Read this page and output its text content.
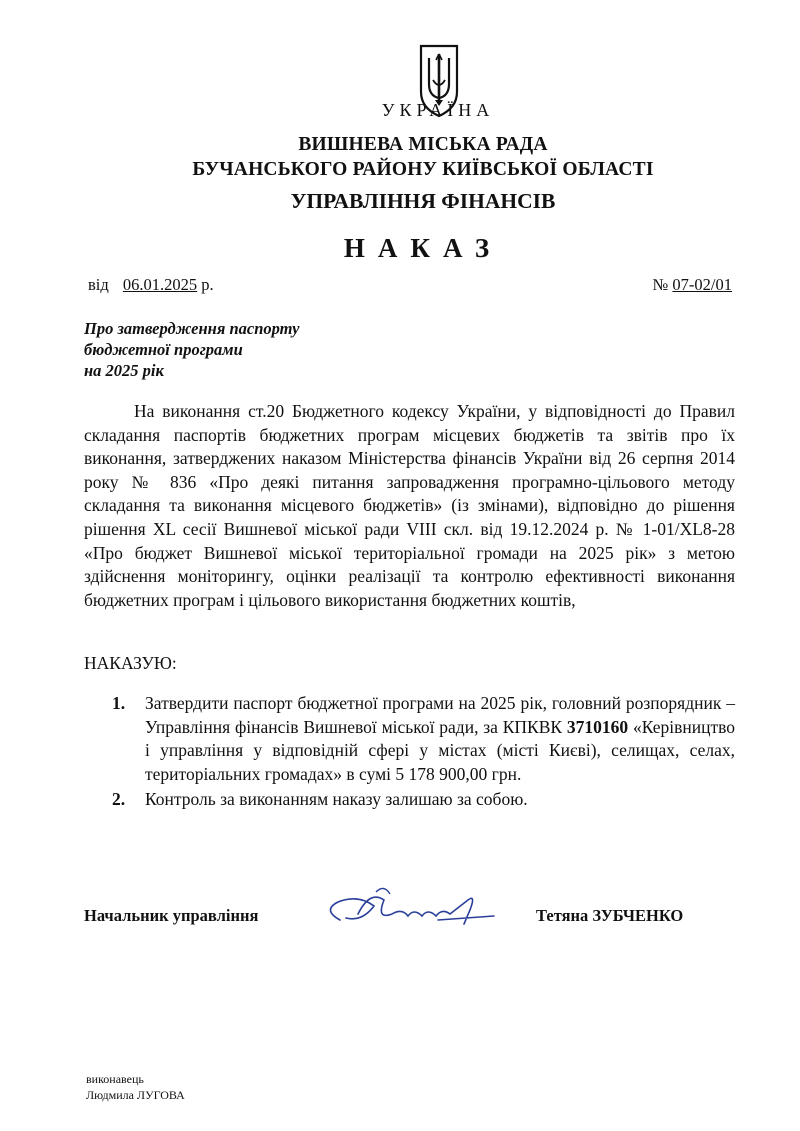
УКРАЇНА
ВИШНЕВА МІСЬКА РАДА
БУЧАНСЬКОГО РАЙОНУ КИЇВСЬКОЇ ОБЛАСТІ
УПРАВЛІННЯ ФІНАНСІВ
НАКАЗ
від 06.01.2025 р.	№ 07-02/01
Про затвердження паспорту
бюджетної програми
на 2025 рік

На виконання ст.20 Бюджетного кодексу України, у відповідності до Правил складання паспортів бюджетних програм місцевих бюджетів та звітів про їх виконання, затверджених наказом Міністерства фінансів України від 26 серпня 2014 року № 836 «Про деякі питання запровадження програмно-цільового методу складання та виконання місцевого бюджетів» (із змінами), відповідно до рішення рішення XL сесії Вишневої міської ради VIII скл. від 19.12.2024 р. № 1-01/XL8-28 «Про бюджет Вишневої міської територіальної громади на 2025 рік» з метою здійснення моніторингу, оцінки реалізації та контролю ефективності виконання бюджетних програм і цільового використання бюджетних коштів,

НАКАЗУЮ:
1.	Затвердити паспорт бюджетної програми на 2025 рік, головний розпорядник – Управління фінансів Вишневої міської ради, за КПКВК 3710160 «Керівництво і управління у відповідній сфері у містах (місті Києві), селищах, селах, територіальних громадах» в сумі 5 178 900,00 грн.
2.	Контроль за виконанням наказу залишаю за собою.
Начальник управління	Тетяна ЗУБЧЕНКО
виконавець
Людмила ЛУГОВА
